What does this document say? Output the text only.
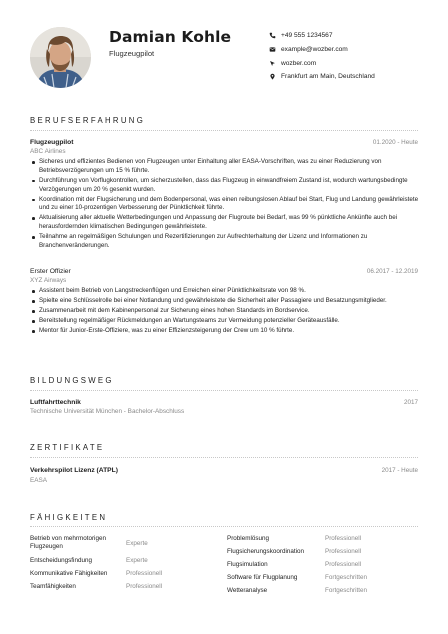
Damian Kohle
Flugzeugpilot
+49 555 1234567
example@wozber.com
wozber.com
Frankfurt am Main, Deutschland
BERUFSERFAHRUNG
Flugzeugpilot	01.2020 - Heute
ABC Airlines
Sicheres und effizientes Bedienen von Flugzeugen unter Einhaltung aller EASA-Vorschriften, was zu einer Reduzierung von Betriebsverzögerungen um 15 % führte.
Durchführung von Vorflugkontrollen, um sicherzustellen, dass das Flugzeug in einwandfreiem Zustand ist, wodurch wartungsbedingte Verzögerungen um 20 % gesenkt wurden.
Koordination mit der Flugsicherung und dem Bodenpersonal, was einen reibungslosen Ablauf bei Start, Flug und Landung gewährleistete und zu einer 10-prozentigen Verbesserung der Pünktlichkeit führte.
Aktualisierung aller aktuelle Wetterbedingungen und Anpassung der Flugroute bei Bedarf, was 99 % pünktliche Ankünfte auch bei herausfordernden klimatischen Bedingungen gewährleistete.
Teilnahme an regelmäßigen Schulungen und Rezertifizierungen zur Aufrechterhaltung der Lizenz und Informationen zu Branchenveränderungen.
Erster Offizier	06.2017 - 12.2019
XYZ Airways
Assistent beim Betrieb von Langstreckenflügen und Erreichen einer Pünktlichkeitsrate von 98 %.
Spielte eine Schlüsselrolle bei einer Notlandung und gewährleistete die Sicherheit aller Passagiere und Besatzungsmitglieder.
Zusammenarbeit mit dem Kabinenpersonal zur Sicherung eines hohen Standards im Bordservice.
Bereitstellung regelmäßiger Rückmeldungen an Wartungsteams zur Vermeidung potenzieller Geräteausfälle.
Mentor für Junior-Erste-Offiziere, was zu einer Effizienzsteigerung der Crew um 10 % führte.
BILDUNGSWEG
Luftfahrttechnik	2017
Technische Universität München - Bachelor-Abschluss
ZERTIFIKATE
Verkehrspilot Lizenz (ATPL)	2017 - Heute
EASA
FÄHIGKEITEN
Betrieb von mehrmotorigen Flugzeugen	Experte
Entscheidungsfindung	Experte
Kommunikative Fähigkeiten	Professionell
Teamfähigkeiten	Professionell
Problemlösung	Professionell
Flugsicherungskoordination	Professionell
Flugsimulation	Professionell
Software für Flugplanung	Fortgeschritten
Wetteranalyse	Fortgeschritten
